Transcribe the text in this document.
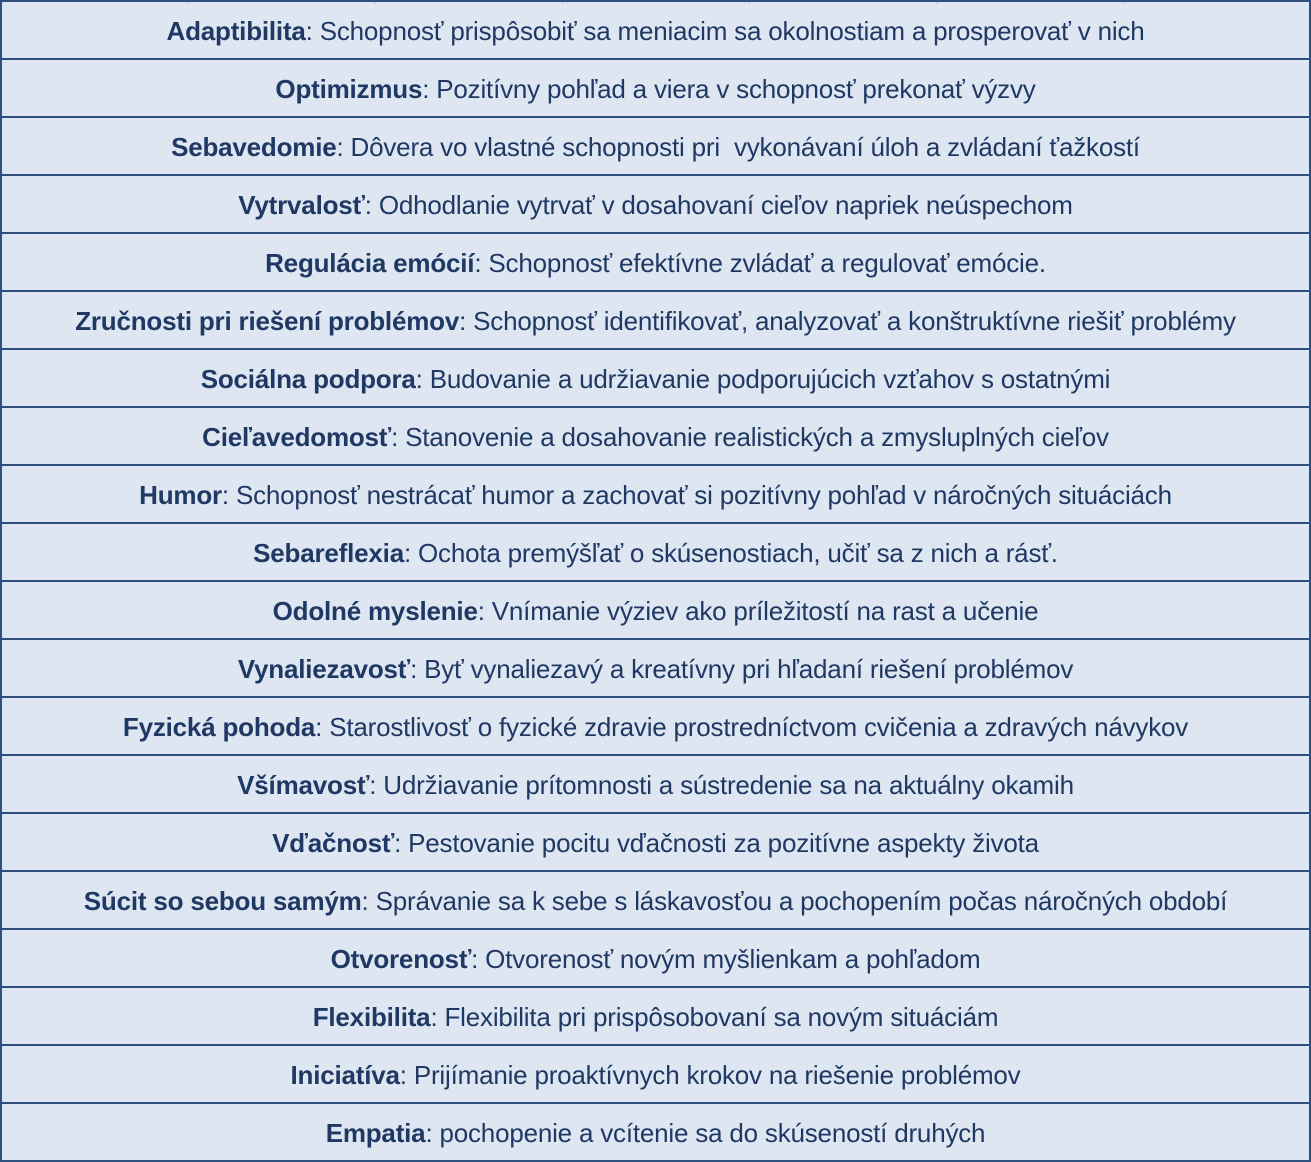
Adaptibilita : Schopnosť prispôsobiť sa meniacim sa okolnostiam a prosperovať v nich
Optimizmus : Pozitívny pohľad a viera v schopnosť prekonať výzvy
Sebavedomie : Dôvera vo vlastné schopnosti pri  vykonávaní úloh a zvládaní ťažkostí
Vytrvalosť : Odhodlanie vytrvať v dosahovaní cieľov napriek neúspechom
Regulácia emócií : Schopnosť efektívne zvládať a regulovať emócie.
Zručnosti pri riešení problémov : Schopnosť identifikovať, analyzovať a konštruktívne riešiť problémy
Sociálna podpora : Budovanie a udržiavanie podporujúcich vzťahov s ostatnými
Cieľavedomosť : Stanovenie a dosahovanie realistických a zmysluplných cieľov
Humor : Schopnosť nestrácať humor a zachovať si pozitívny pohľad v náročných situáciách
Sebareflexia : Ochota premýšľať o skúsenostiach, učiť sa z nich a rásť.
Odolné myslenie : Vnímanie výziev ako príležitostí na rast a učenie
Vynaliezavosť : Byť vynaliezavý a kreatívny pri hľadaní riešení problémov
Fyzická pohoda : Starostlivosť o fyzické zdravie prostredníctvom cvičenia a zdravých návykov
Všímavosť : Udržiavanie prítomnosti a sústredenie sa na aktuálny okamih
Vďačnosť : Pestovanie pocitu vďačnosti za pozitívne aspekty života
Súcit so sebou samým : Správanie sa k sebe s láskavosťou a pochopením počas náročných období
Otvorenosť : Otvorenosť novým myšlienkam a pohľadom
Flexibilita : Flexibilita pri prispôsobovaní sa novým situáciám
Iniciatíva : Prijímanie proaktívnych krokov na riešenie problémov
Empatia : pochopenie a vcítenie sa do skúseností druhých
